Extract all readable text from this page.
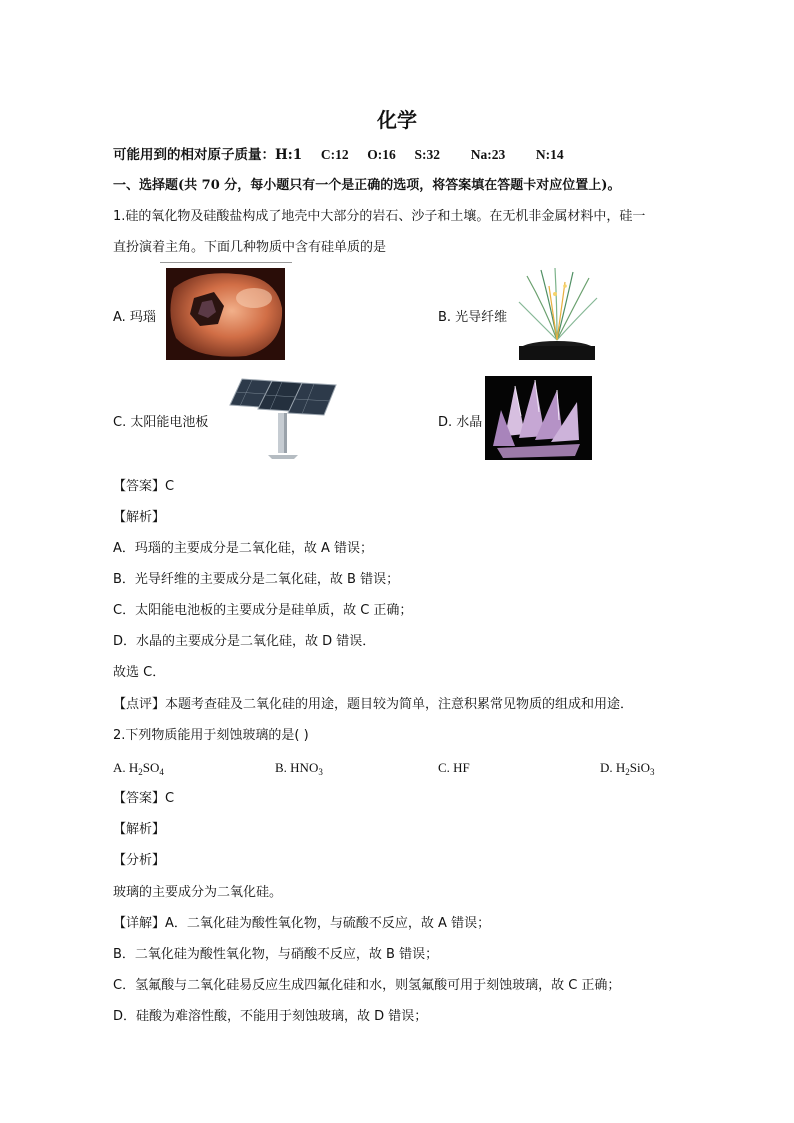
化学
可能用到的相对原子质量：H:1 C:12 O:16 S:32 Na:23 N:14
一、选择题(共 70 分，每小题只有一个是正确的选项，将答案填在答题卡对应位置上)。
1.硅的氧化物及硅酸盐构成了地壳中大部分的岩石、沙子和土壤。在无机非金属材料中，硅一
直扮演着主角。下面几种物质中含有硅单质的是
A. 玛瑙	B. 光导纤维
C. 太阳能电池板	D. 水晶
【答案】C
【解析】
A．玛瑙的主要成分是二氧化硅，故 A 错误；
B．光导纤维的主要成分是二氧化硅，故 B 错误；
C．太阳能电池板的主要成分是硅单质，故 C 正确；
D．水晶的主要成分是二氧化硅，故 D 错误．
故选 C．
【点评】本题考查硅及二氧化硅的用途，题目较为简单，注意积累常见物质的组成和用途．
2.下列物质能用于刻蚀玻璃的是( )
A. $H_2SO_4$	B. $HNO_3$	C. HF	D. $H_2SiO_3$
【答案】C
【解析】
【分析】
玻璃的主要成分为二氧化硅。
【详解】A．二氧化硅为酸性氧化物，与硫酸不反应，故 A 错误；
B．二氧化硅为酸性氧化物，与硝酸不反应，故 B 错误；
C．氢氟酸与二氧化硅易反应生成四氟化硅和水，则氢氟酸可用于刻蚀玻璃，故 C 正确；
D．硅酸为难溶性酸，不能用于刻蚀玻璃，故 D 错误；
